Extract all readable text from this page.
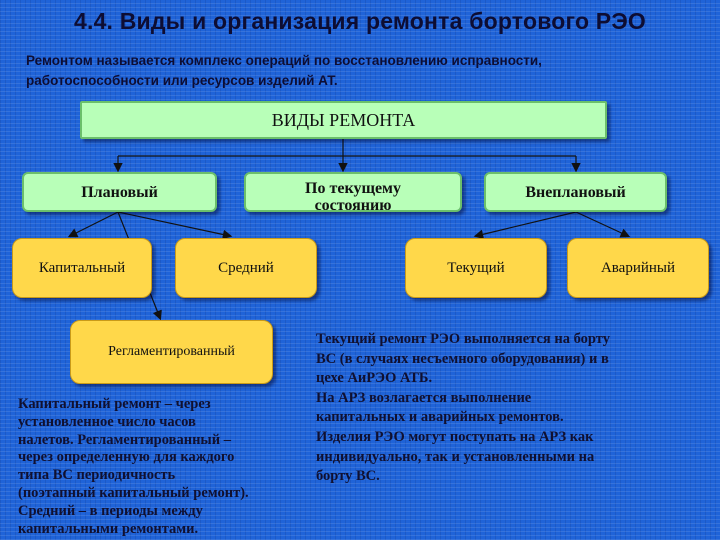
4.4. Виды и организация ремонта бортового РЭО
Ремонтом называется комплекс операций по восстановлению исправности,
работоспособности или ресурсов изделий АТ.
ВИДЫ РЕМОНТА
Плановый	По текущему
состоянию
Внеплановый
Капитальный	Средний	Текущий	Аварийный
Регламентированный
Капитальный ремонт – через
установленное число часов
налетов. Регламентированный –
через определенную для каждого
типа ВС периодичность
(поэтапный капитальный ремонт).
Средний – в периоды между
капитальными ремонтами.
Текущий ремонт РЭО выполняется на борту
ВС (в случаях несъемного оборудования) и в
цехе АиРЭО АТБ.
На АРЗ возлагается выполнение
капитальных и аварийных ремонтов.
Изделия РЭО могут поступать на АРЗ как
индивидуально, так и установленными на
борту ВС.
